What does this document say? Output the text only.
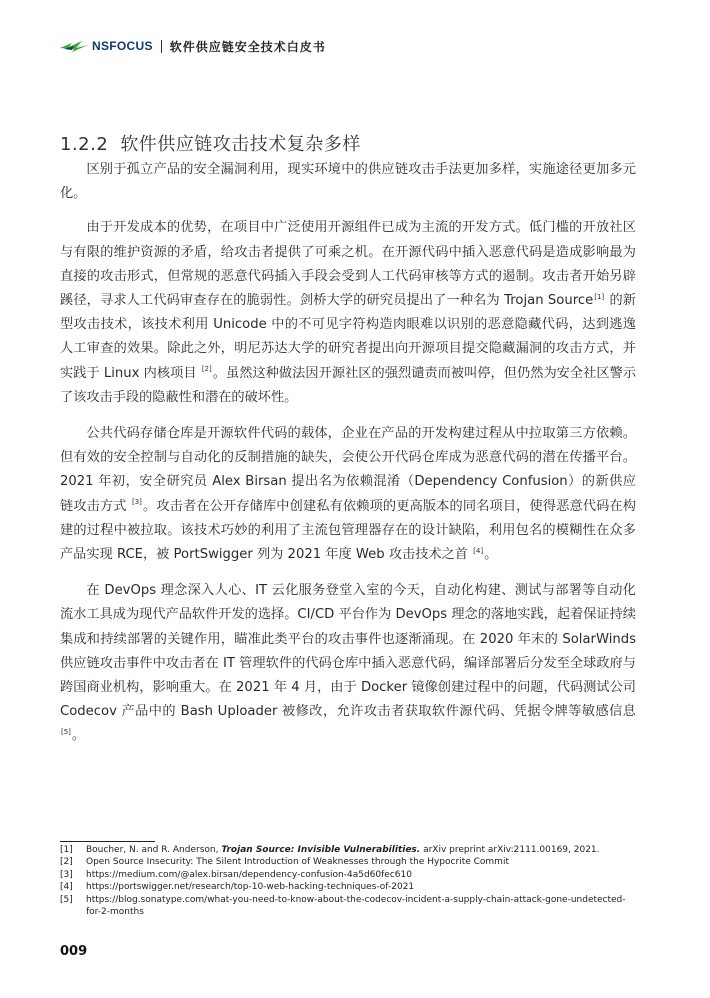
NSFOCUS 软件供应链安全技术白皮书
1.2.2 软件供应链攻击技术复杂多样

区别于孤立产品的安全漏洞利用，现实环境中的供应链攻击手法更加多样，实施途径更加多元化。

由于开发成本的优势，在项目中广泛使用开源组件已成为主流的开发方式。低门槛的开放社区与有限的维护资源的矛盾，给攻击者提供了可乘之机。在开源代码中插入恶意代码是造成影响最为直接的攻击形式，但常规的恶意代码插入手段会受到人工代码审核等方式的遏制。攻击者开始另辟蹊径，寻求人工代码审查存在的脆弱性。剑桥大学的研究员提出了一种名为 Trojan Source[1] 的新型攻击技术，该技术利用 Unicode 中的不可见字符构造肉眼难以识别的恶意隐藏代码，达到逃逸人工审查的效果。除此之外，明尼苏达大学的研究者提出向开源项目提交隐藏漏洞的攻击方式，并实践于 Linux 内核项目 [2]。虽然这种做法因开源社区的强烈谴责而被叫停，但仍然为安全社区警示了该攻击手段的隐蔽性和潜在的破坏性。

公共代码存储仓库是开源软件代码的载体，企业在产品的开发构建过程从中拉取第三方依赖。但有效的安全控制与自动化的反制措施的缺失，会使公开代码仓库成为恶意代码的潜在传播平台。2021 年初，安全研究员 Alex Birsan 提出名为依赖混淆（Dependency Confusion）的新供应链攻击方式 [3]。攻击者在公开存储库中创建私有依赖项的更高版本的同名项目，使得恶意代码在构建的过程中被拉取。该技术巧妙的利用了主流包管理器存在的设计缺陷，利用包名的模糊性在众多产品实现 RCE，被 PortSwigger 列为 2021 年度 Web 攻击技术之首 [4]。

在 DevOps 理念深入人心、IT 云化服务登堂入室的今天，自动化构建、测试与部署等自动化流水工具成为现代产品软件开发的选择。CI/CD 平台作为 DevOps 理念的落地实践，起着保证持续集成和持续部署的关键作用，瞄准此类平台的攻击事件也逐渐涌现。在 2020 年末的 SolarWinds 供应链攻击事件中攻击者在 IT 管理软件的代码仓库中插入恶意代码，编译部署后分发至全球政府与跨国商业机构，影响重大。在 2021 年 4 月，由于 Docker 镜像创建过程中的问题，代码测试公司 Codecov 产品中的 Bash Uploader 被修改，允许攻击者获取软件源代码、凭据令牌等敏感信息 [5]。

[1]	Boucher, N. and R. Anderson, Trojan Source: Invisible Vulnerabilities. arXiv preprint arXiv:2111.00169, 2021.
[2]	Open Source Insecurity: The Silent Introduction of Weaknesses through the Hypocrite Commit
[3]	https://medium.com/@alex.birsan/dependency-confusion-4a5d60fec610
[4]	https://portswigger.net/research/top-10-web-hacking-techniques-of-2021
[5]	https://blog.sonatype.com/what-you-need-to-know-about-the-codecov-incident-a-supply-chain-attack-gone-undetected-for-2-months
009
